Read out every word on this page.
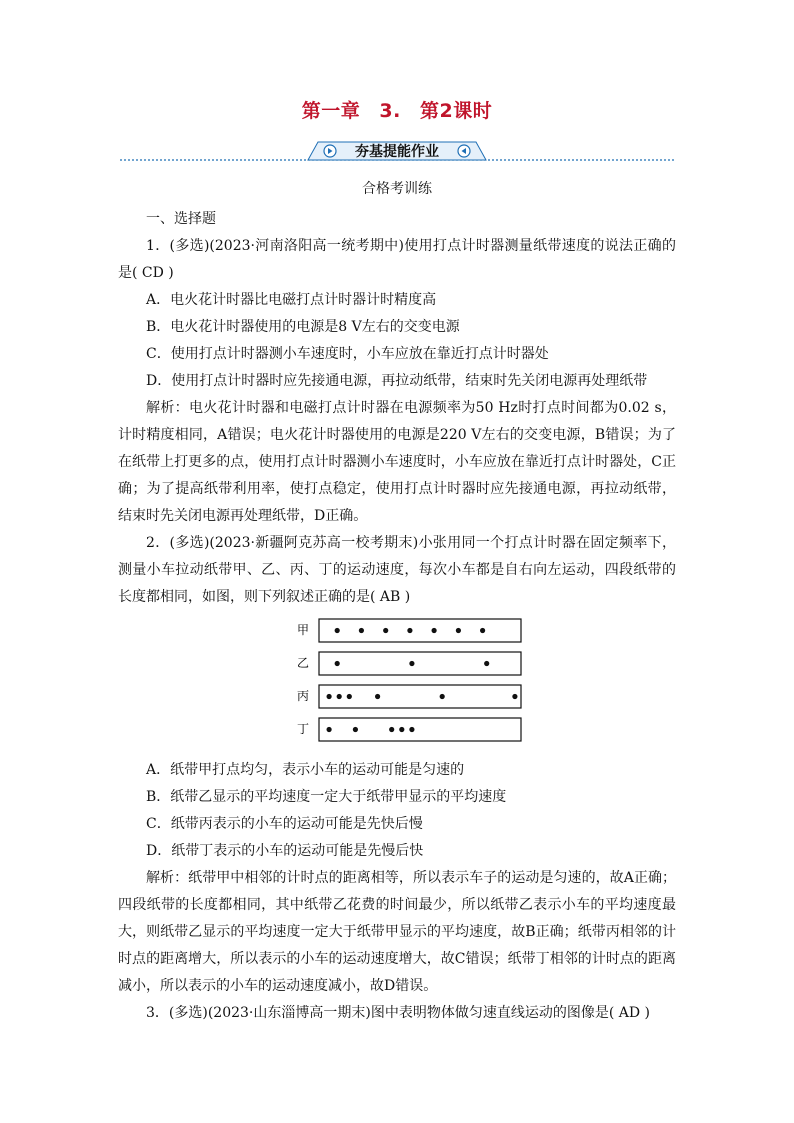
第一章 3. 第2课时
夯基提能作业
合格考训练

一、选择题

1．(多选)(2023·河南洛阳高一统考期中)使用打点计时器测量纸带速度的说法正确的是( CD )

A．电火花计时器比电磁打点计时器计时精度高

B．电火花计时器使用的电源是8 V左右的交变电源

C．使用打点计时器测小车速度时，小车应放在靠近打点计时器处

D．使用打点计时器时应先接通电源，再拉动纸带，结束时先关闭电源再处理纸带

解析：电火花计时器和电磁打点计时器在电源频率为50 Hz时打点时间都为0.02 s，计时精度相同，A错误；电火花计时器使用的电源是220 V左右的交变电源，B错误；为了在纸带上打更多的点，使用打点计时器测小车速度时，小车应放在靠近打点计时器处，C正确；为了提高纸带利用率，使打点稳定，使用打点计时器时应先接通电源，再拉动纸带，结束时先关闭电源再处理纸带，D正确。

2．(多选)(2023·新疆阿克苏高一校考期末)小张用同一个打点计时器在固定频率下，测量小车拉动纸带甲、乙、丙、丁的运动速度，每次小车都是自右向左运动，四段纸带的长度都相同，如图，则下列叙述正确的是( AB )

甲
乙
丙
丁

A．纸带甲打点均匀，表示小车的运动可能是匀速的

B．纸带乙显示的平均速度一定大于纸带甲显示的平均速度

C．纸带丙表示的小车的运动可能是先快后慢

D．纸带丁表示的小车的运动可能是先慢后快

解析：纸带甲中相邻的计时点的距离相等，所以表示车子的运动是匀速的，故A正确；四段纸带的长度都相同，其中纸带乙花费的时间最少，所以纸带乙表示小车的平均速度最大，则纸带乙显示的平均速度一定大于纸带甲显示的平均速度，故B正确；纸带丙相邻的计时点的距离增大，所以表示的小车的运动速度增大，故C错误；纸带丁相邻的计时点的距离减小，所以表示的小车的运动速度减小，故D错误。

3．(多选)(2023·山东淄博高一期末)图中表明物体做匀速直线运动的图像是( AD )
